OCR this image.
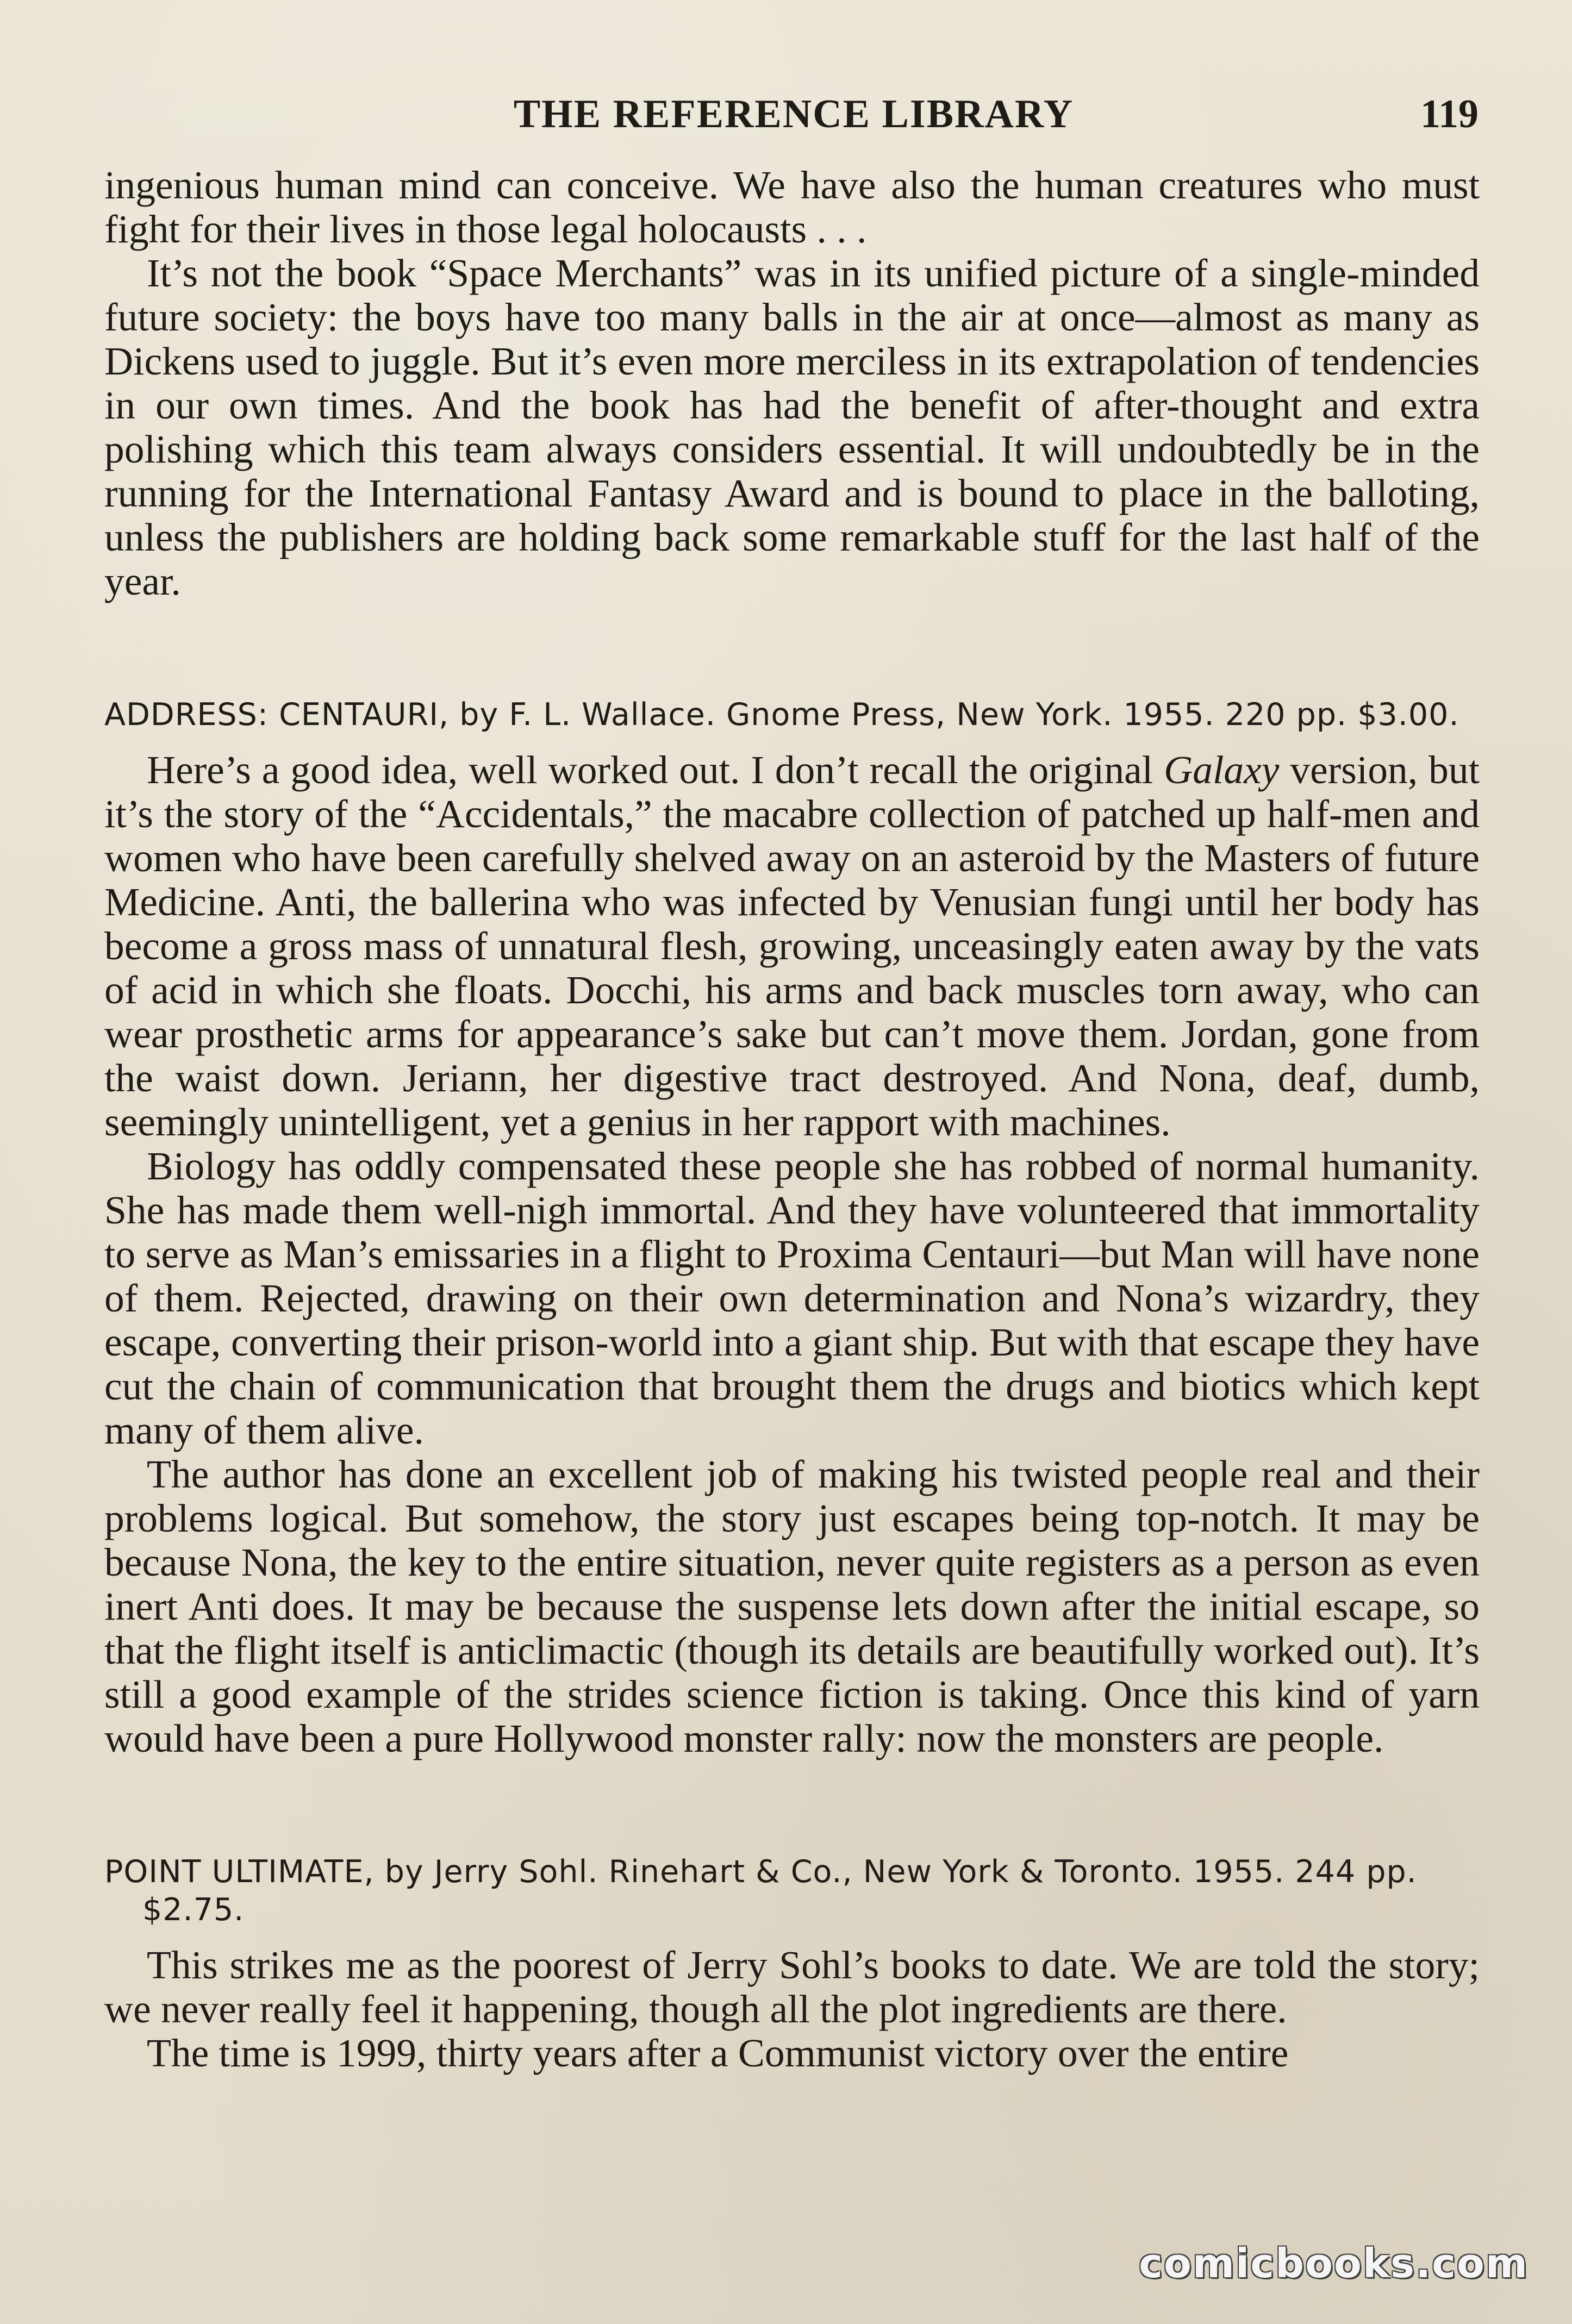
THE REFERENCE LIBRARY	119

ingenious human mind can conceive. We have also the human creatures who must fight for their lives in those legal holocausts . . .

It’s not the book “Space Merchants” was in its unified picture of a single-minded future society: the boys have too many balls in the air at once—almost as many as Dickens used to juggle. But it’s even more merciless in its extrapolation of tendencies in our own times. And the book has had the benefit of after-thought and extra polishing which this team always considers essential. It will undoubtedly be in the running for the International Fantasy Award and is bound to place in the balloting, unless the publishers are holding back some remarkable stuff for the last half of the year.

ADDRESS: CENTAURI, by F. L. Wallace. Gnome Press, New York. 1955. 220 pp. $3.00.

Here’s a good idea, well worked out. I don’t recall the original Galaxy version, but it’s the story of the “Accidentals,” the macabre collection of patched up half-men and women who have been carefully shelved away on an asteroid by the Masters of future Medicine. Anti, the ballerina who was infected by Venusian fungi until her body has become a gross mass of unnatural flesh, growing, unceasingly eaten away by the vats of acid in which she floats. Docchi, his arms and back muscles torn away, who can wear prosthetic arms for appearance’s sake but can’t move them. Jordan, gone from the waist down. Jeriann, her digestive tract destroyed. And Nona, deaf, dumb, seemingly unintelligent, yet a genius in her rapport with machines.

Biology has oddly compensated these people she has robbed of normal humanity. She has made them well-nigh immortal. And they have volunteered that immortality to serve as Man’s emissaries in a flight to Proxima Centauri—but Man will have none of them. Rejected, drawing on their own determination and Nona’s wizardry, they escape, converting their prison-world into a giant ship. But with that escape they have cut the chain of communication that brought them the drugs and biotics which kept many of them alive.

The author has done an excellent job of making his twisted people real and their problems logical. But somehow, the story just escapes being top-notch. It may be because Nona, the key to the entire situation, never quite registers as a person as even inert Anti does. It may be because the suspense lets down after the initial escape, so that the flight itself is anticlimactic (though its details are beautifully worked out). It’s still a good example of the strides science fiction is taking. Once this kind of yarn would have been a pure Hollywood monster rally: now the monsters are people.

POINT ULTIMATE, by Jerry Sohl. Rinehart & Co., New York & Toronto. 1955. 244 pp. $2.75.

This strikes me as the poorest of Jerry Sohl’s books to date. We are told the story; we never really feel it happening, though all the plot ingredients are there.

The time is 1999, thirty years after a Communist victory over the entire

comicbooks.com
